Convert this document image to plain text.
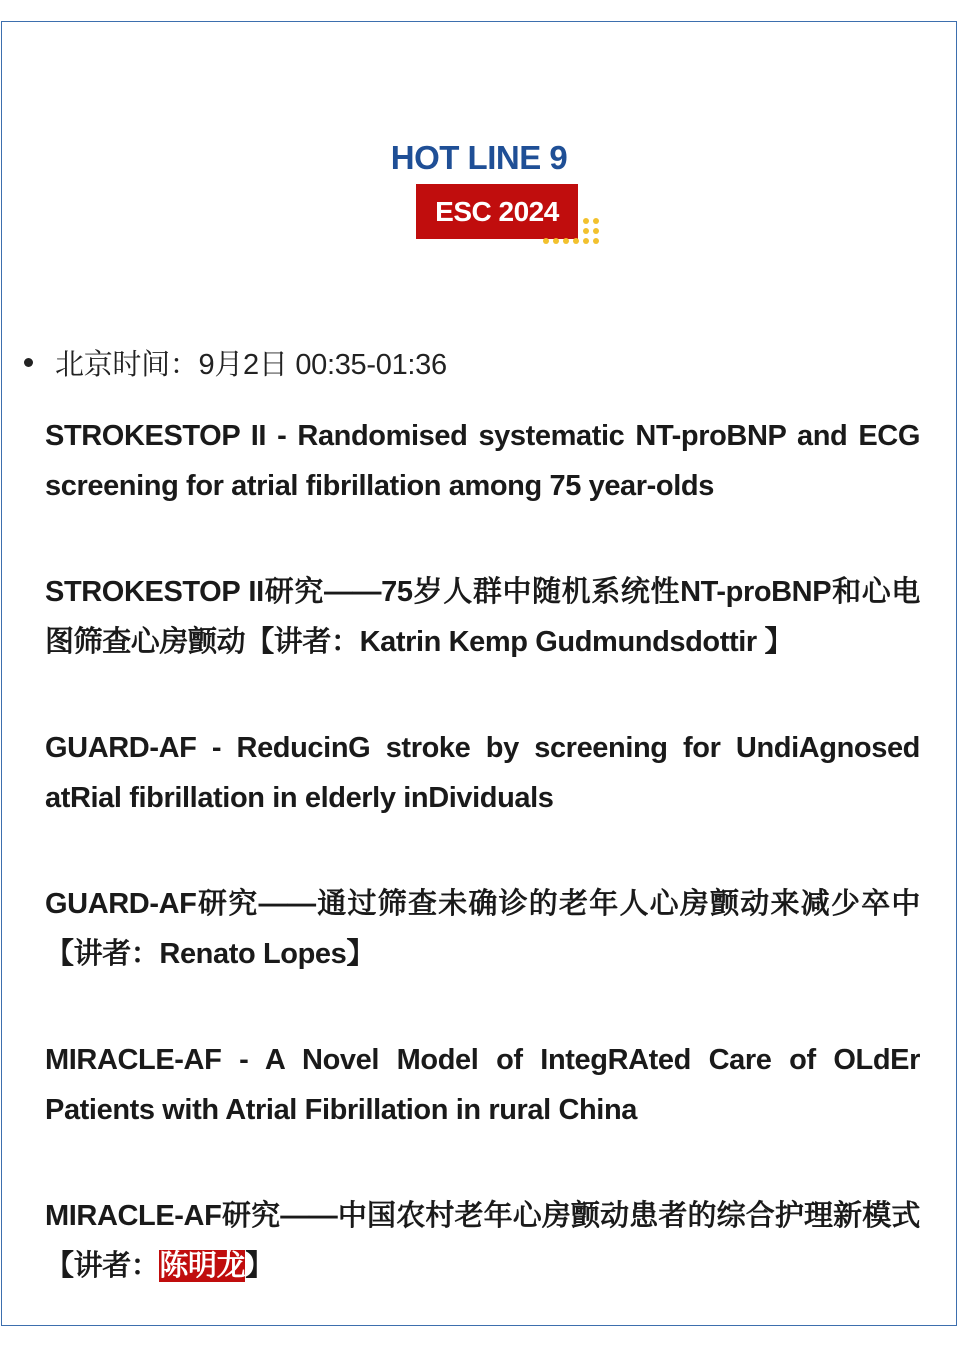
HOT LINE 9
ESC 2024
北京时间：9月2日 00:35-01:36

STROKESTOP II - Randomised systematic NT-proBNP and ECG screening for atrial fibrillation among 75 year-olds

STROKESTOP II研究——75岁人群中随机系统性NT-proBNP和心电图筛查心房颤动【讲者：Katrin Kemp Gudmundsdottir 】

GUARD-AF - ReducinG stroke by screening for UndiAgnosed atRial fibrillation in elderly inDividuals

GUARD-AF研究——通过筛查未确诊的老年人心房颤动来减少卒中【讲者：Renato Lopes】

MIRACLE-AF - A Novel Model of IntegRAted Care of OLdEr Patients with Atrial Fibrillation in rural China

MIRACLE-AF研究——中国农村老年心房颤动患者的综合护理新模式【讲者：陈明龙】
